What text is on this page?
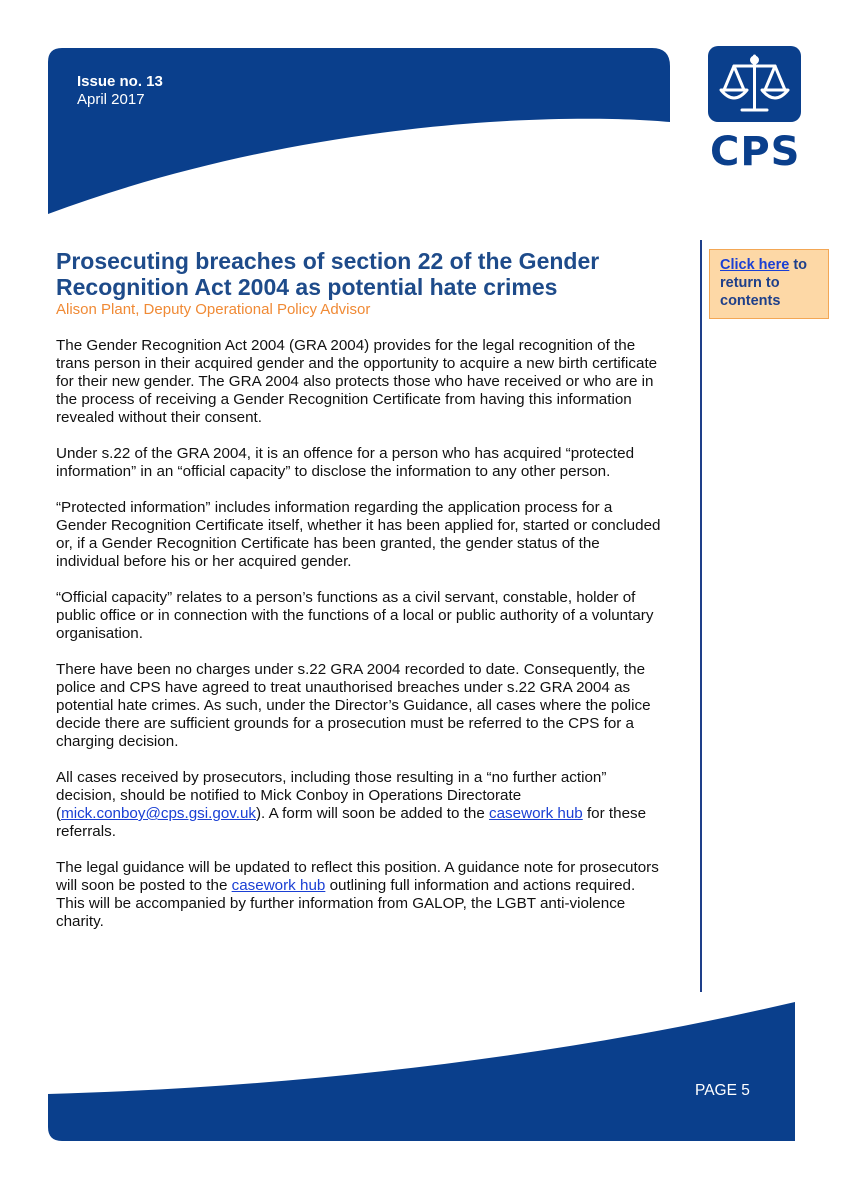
Issue no. 13
April 2017
CPS
Prosecuting breaches of section 22 of the Gender Recognition Act 2004 as potential hate crimes
Alison Plant, Deputy Operational Policy Advisor

The Gender Recognition Act 2004 (GRA 2004) provides for the legal recognition of the trans person in their acquired gender and the opportunity to acquire a new birth certificate for their new gender. The GRA 2004 also protects those who have received or who are in the process of receiving a Gender Recognition Certificate from having this information revealed without their consent.

Under s.22 of the GRA 2004, it is an offence for a person who has acquired “protected information” in an “official capacity” to disclose the information to any other person.

“Protected information” includes information regarding the application process for a Gender Recognition Certificate itself, whether it has been applied for, started or concluded or, if a Gender Recognition Certificate has been granted, the gender status of the individual before his or her acquired gender.

“Official capacity” relates to a person’s functions as a civil servant, constable, holder of public office or in connection with the functions of a local or public authority of a voluntary organisation.

There have been no charges under s.22 GRA 2004 recorded to date. Consequently, the police and CPS have agreed to treat unauthorised breaches under s.22 GRA 2004 as potential hate crimes. As such, under the Director’s Guidance, all cases where the police decide there are sufficient grounds for a prosecution must be referred to the CPS for a charging decision.

All cases received by prosecutors, including those resulting in a “no further action” decision, should be notified to Mick Conboy in Operations Directorate (mick.conboy@cps.gsi.gov.uk). A form will soon be added to the casework hub for these referrals.

The legal guidance will be updated to reflect this position. A guidance note for prosecutors will soon be posted to the casework hub outlining full information and actions required. This will be accompanied by further information from GALOP, the LGBT anti-violence charity.

Click here to return to contents
PAGE 5
